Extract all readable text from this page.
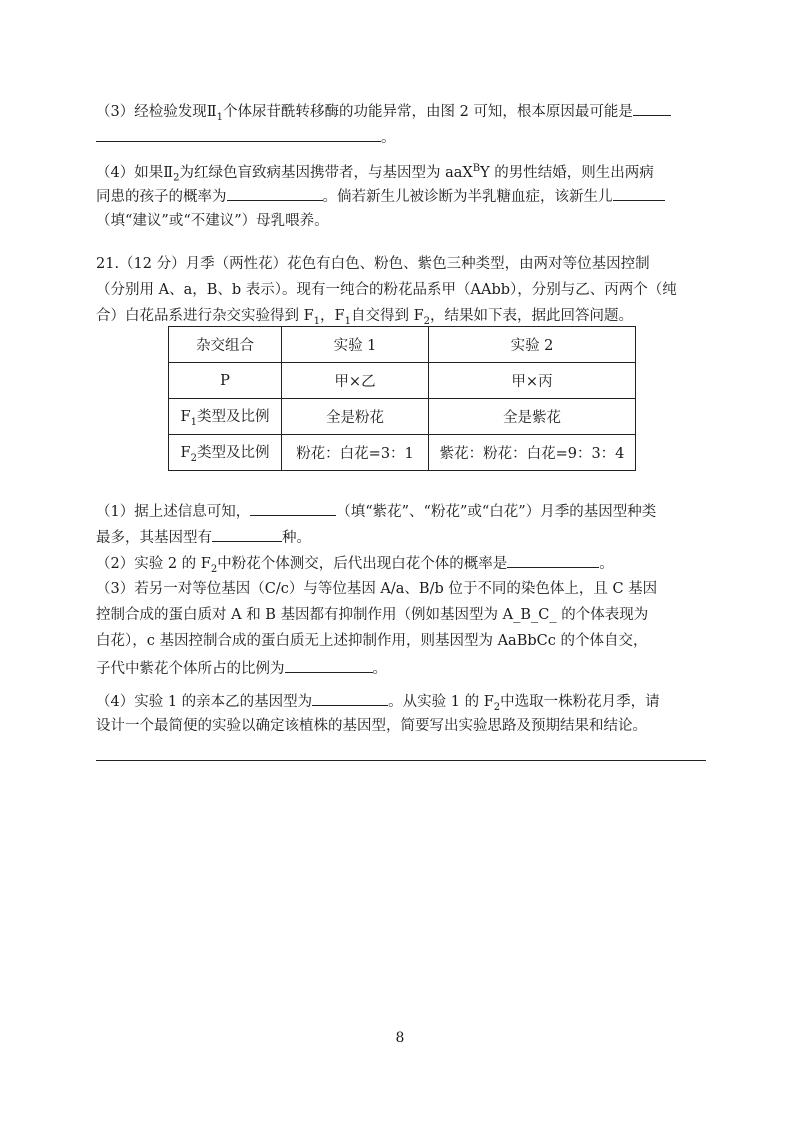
（3）经检验发现$Ⅱ_1$个体尿苷酰转移酶的功能异常，由图 2 可知，根本原因最可能是
。
（4）如果$Ⅱ_2$为红绿色盲致病基因携带者，与基因型为 aaX$^B$Y 的男性结婚，则生出两病
同患的孩子的概率为	。倘若新生儿被诊断为半乳糖血症，该新生儿
（填“建议”或“不建议”）母乳喂养。
21.（12 分）月季（两性花）花色有白色、粉色、紫色三种类型，由两对等位基因控制
（分别用 A、a，B、b 表示）。现有一纯合的粉花品系甲（AAbb），分别与乙、丙两个（纯
合）白花品系进行杂交实验得到 $F_1$，$F_1$自交得到 $F_2$，结果如下表，据此回答问题。
杂交组合	实验 1	实验 2
P	甲×乙	甲×丙
$F_1$类型及比例	全是粉花	全是紫花
$F_2$类型及比例	粉花：白花=3：1	紫花：粉花：白花=9：3：4
（1）据上述信息可知，	（填“紫花”、“粉花”或“白花”）月季的基因型种类
最多，其基因型有	种。
（2）实验 2 的 $F_2$中粉花个体测交，后代出现白花个体的概率是	。
（3）若另一对等位基因（C/c）与等位基因 A/a、B/b 位于不同的染色体上，且 C 基因
控制合成的蛋白质对 A 和 B 基因都有抑制作用（例如基因型为 A_B_C_ 的个体表现为
白花），c 基因控制合成的蛋白质无上述抑制作用，则基因型为 AaBbCc 的个体自交，
子代中紫花个体所占的比例为	。
（4）实验 1 的亲本乙的基因型为	。从实验 1 的 $F_2$中选取一株粉花月季，请
设计一个最简便的实验以确定该植株的基因型，简要写出实验思路及预期结果和结论。
8
